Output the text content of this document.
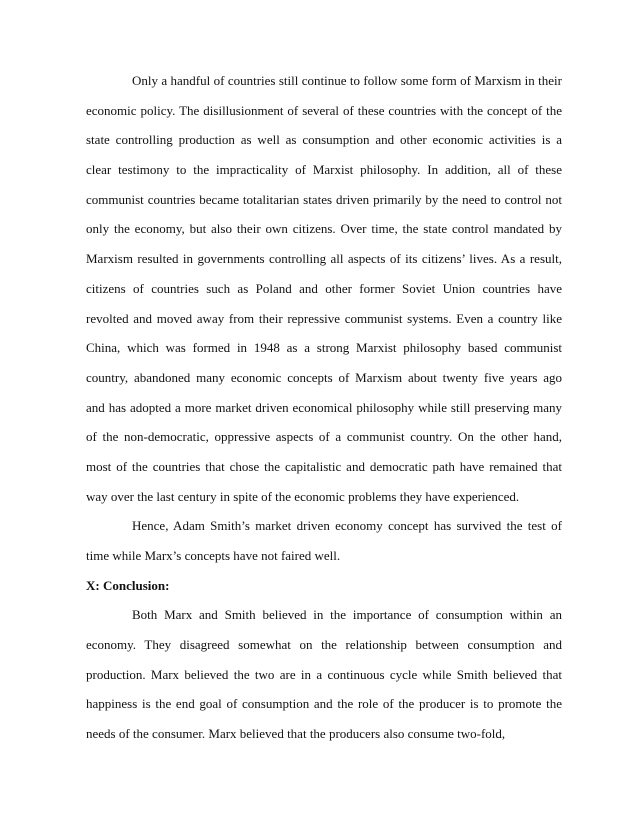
Only a handful of countries still continue to follow some form of Marxism in their
economic policy. The disillusionment of several of these countries with the concept of the
state controlling production as well as consumption and other economic activities is a
clear testimony to the impracticality of Marxist philosophy. In addition, all of these
communist countries became totalitarian states driven primarily by the need to control not
only the economy, but also their own citizens. Over time, the state control mandated by
Marxism resulted in governments controlling all aspects of its citizens’ lives. As a result,
citizens of countries such as Poland and other former Soviet Union countries have
revolted and moved away from their repressive communist systems. Even a country like
China, which was formed in 1948 as a strong Marxist philosophy based communist
country, abandoned many economic concepts of Marxism about twenty five years ago
and has adopted a more market driven economical philosophy while still preserving many
of the non-democratic, oppressive aspects of a communist country. On the other hand,
most of the countries that chose the capitalistic and democratic path have remained that
way over the last century in spite of the economic problems they have experienced.
Hence, Adam Smith’s market driven economy concept has survived the test of
time while Marx’s concepts have not faired well.
X: Conclusion:
Both Marx and Smith believed in the importance of consumption within an
economy. They disagreed somewhat on the relationship between consumption and
production. Marx believed the two are in a continuous cycle while Smith believed that
happiness is the end goal of consumption and the role of the producer is to promote the
needs of the consumer. Marx believed that the producers also consume two-fold,
